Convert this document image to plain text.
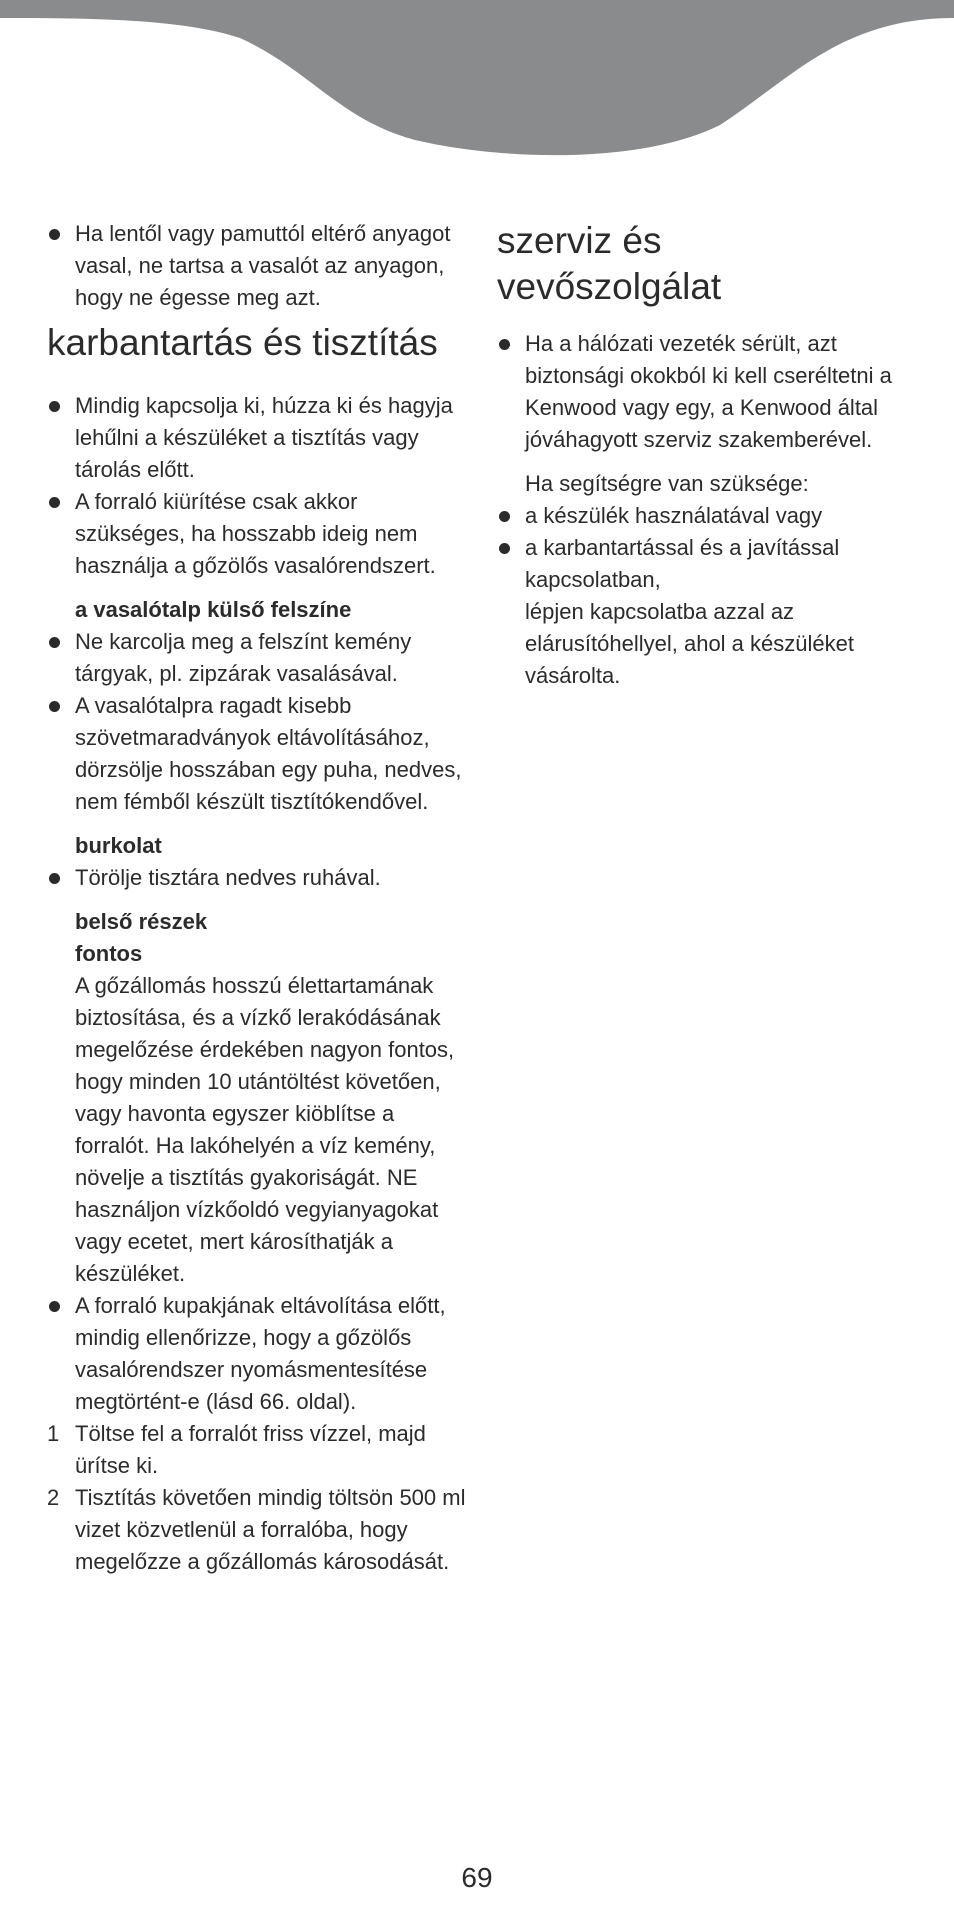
Ha lentől vagy pamuttól eltérő anyagot vasal, ne tartsa a vasalót az anyagon, hogy ne égesse meg azt.

karbantartás és tisztítás

Mindig kapcsolja ki, húzza ki és hagyja lehűlni a készüléket a tisztítás vagy tárolás előtt.

A forraló kiürítése csak akkor szükséges, ha hosszabb ideig nem használja a gőzölős vasalórendszert.

a vasalótalp külső felszíne

Ne karcolja meg a felszínt kemény tárgyak, pl. zipzárak vasalásával.

A vasalótalpra ragadt kisebb szövetmaradványok eltávolításához, dörzsölje hosszában egy puha, nedves, nem fémből készült tisztítókendővel.

burkolat

Törölje tisztára nedves ruhával.

belső részek

fontos

A gőzállomás hosszú élettartamának biztosítása, és a vízkő lerakódásának megelőzése érdekében nagyon fontos, hogy minden 10 utántöltést követően, vagy havonta egyszer kiöblítse a forralót. Ha lakóhelyén a víz kemény, növelje a tisztítás gyakoriságát. NE használjon vízkőoldó vegyianyagokat vagy ecetet, mert károsíthatják a készüléket.

A forraló kupakjának eltávolítása előtt, mindig ellenőrizze, hogy a gőzölős vasalórendszer nyomásmentesítése megtörtént-e (lásd 66. oldal).

1 Töltse fel a forralót friss vízzel, majd ürítse ki.

2 Tisztítás követően mindig töltsön 500 ml vizet közvetlenül a forralóba, hogy megelőzze a gőzállomás károsodását.

szerviz és
vevőszolgálat

Ha a hálózati vezeték sérült, azt biztonsági okokból ki kell cseréltetni a Kenwood vagy egy, a Kenwood által jóváhagyott szerviz szakemberével.

Ha segítségre van szüksége:

a készülék használatával vagy

a karbantartással és a javítással kapcsolatban,

lépjen kapcsolatba azzal az elárusítóhellyel, ahol a készüléket vásárolta.

69
